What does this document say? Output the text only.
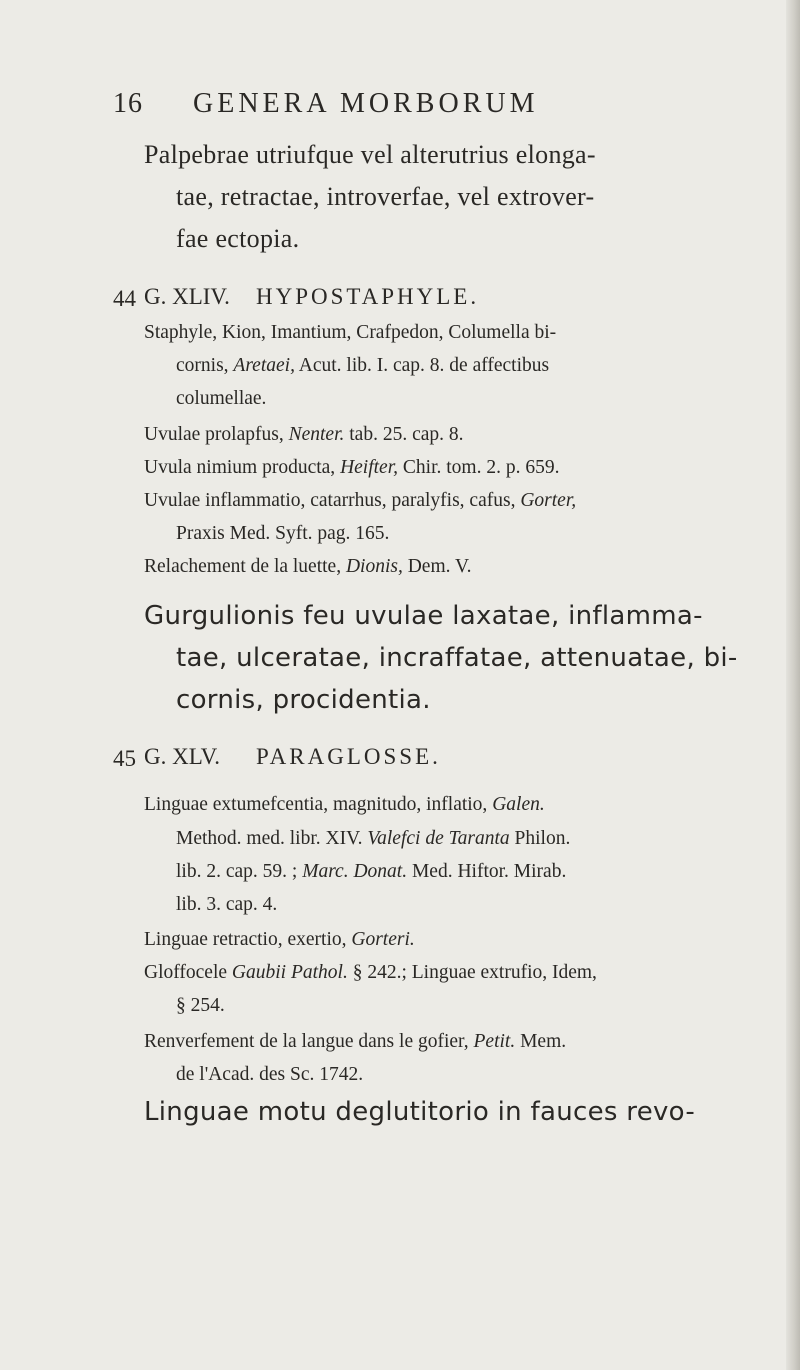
16 GENERA MORBORUM
Palpebrae utriufque vel alterutrius elonga-
tae, retractae, introverfae, vel extrover-
fae ectopia.
44 G. XLIV. HYPOSTAPHYLE.
Staphyle, Kion, Imantium, Crafpedon, Columella bi-
cornis, Aretaei, Acut. lib. I. cap. 8. de affectibus
columellae.
Uvulae prolapfus, Nenter. tab. 25. cap. 8.
Uvula nimium producta, Heifter, Chir. tom. 2. p. 659.
Uvulae inflammatio, catarrhus, paralyfis, cafus, Gorter,
Praxis Med. Syft. pag. 165.
Relachement de la luette, Dionis, Dem. V.
Gurgulionis feu uvulae laxatae, inflamma-
tae, ulceratae, incraffatae, attenuatae, bi-
cornis, procidentia.
45 G. XLV. PARAGLOSSE.
Linguae extumefcentia, magnitudo, inflatio, Galen.
Method. med. libr. XIV. Valefci de Taranta Philon.
lib. 2. cap. 59. ; Marc. Donat. Med. Hiftor. Mirab.
lib. 3. cap. 4.
Linguae retractio, exertio, Gorteri.
Gloffocele Gaubii Pathol. § 242.; Linguae extrufio, Idem,
§ 254.
Renverfement de la langue dans le gofier, Petit. Mem.
de l'Acad. des Sc. 1742.
Linguae motu deglutitorio in fauces revo-
